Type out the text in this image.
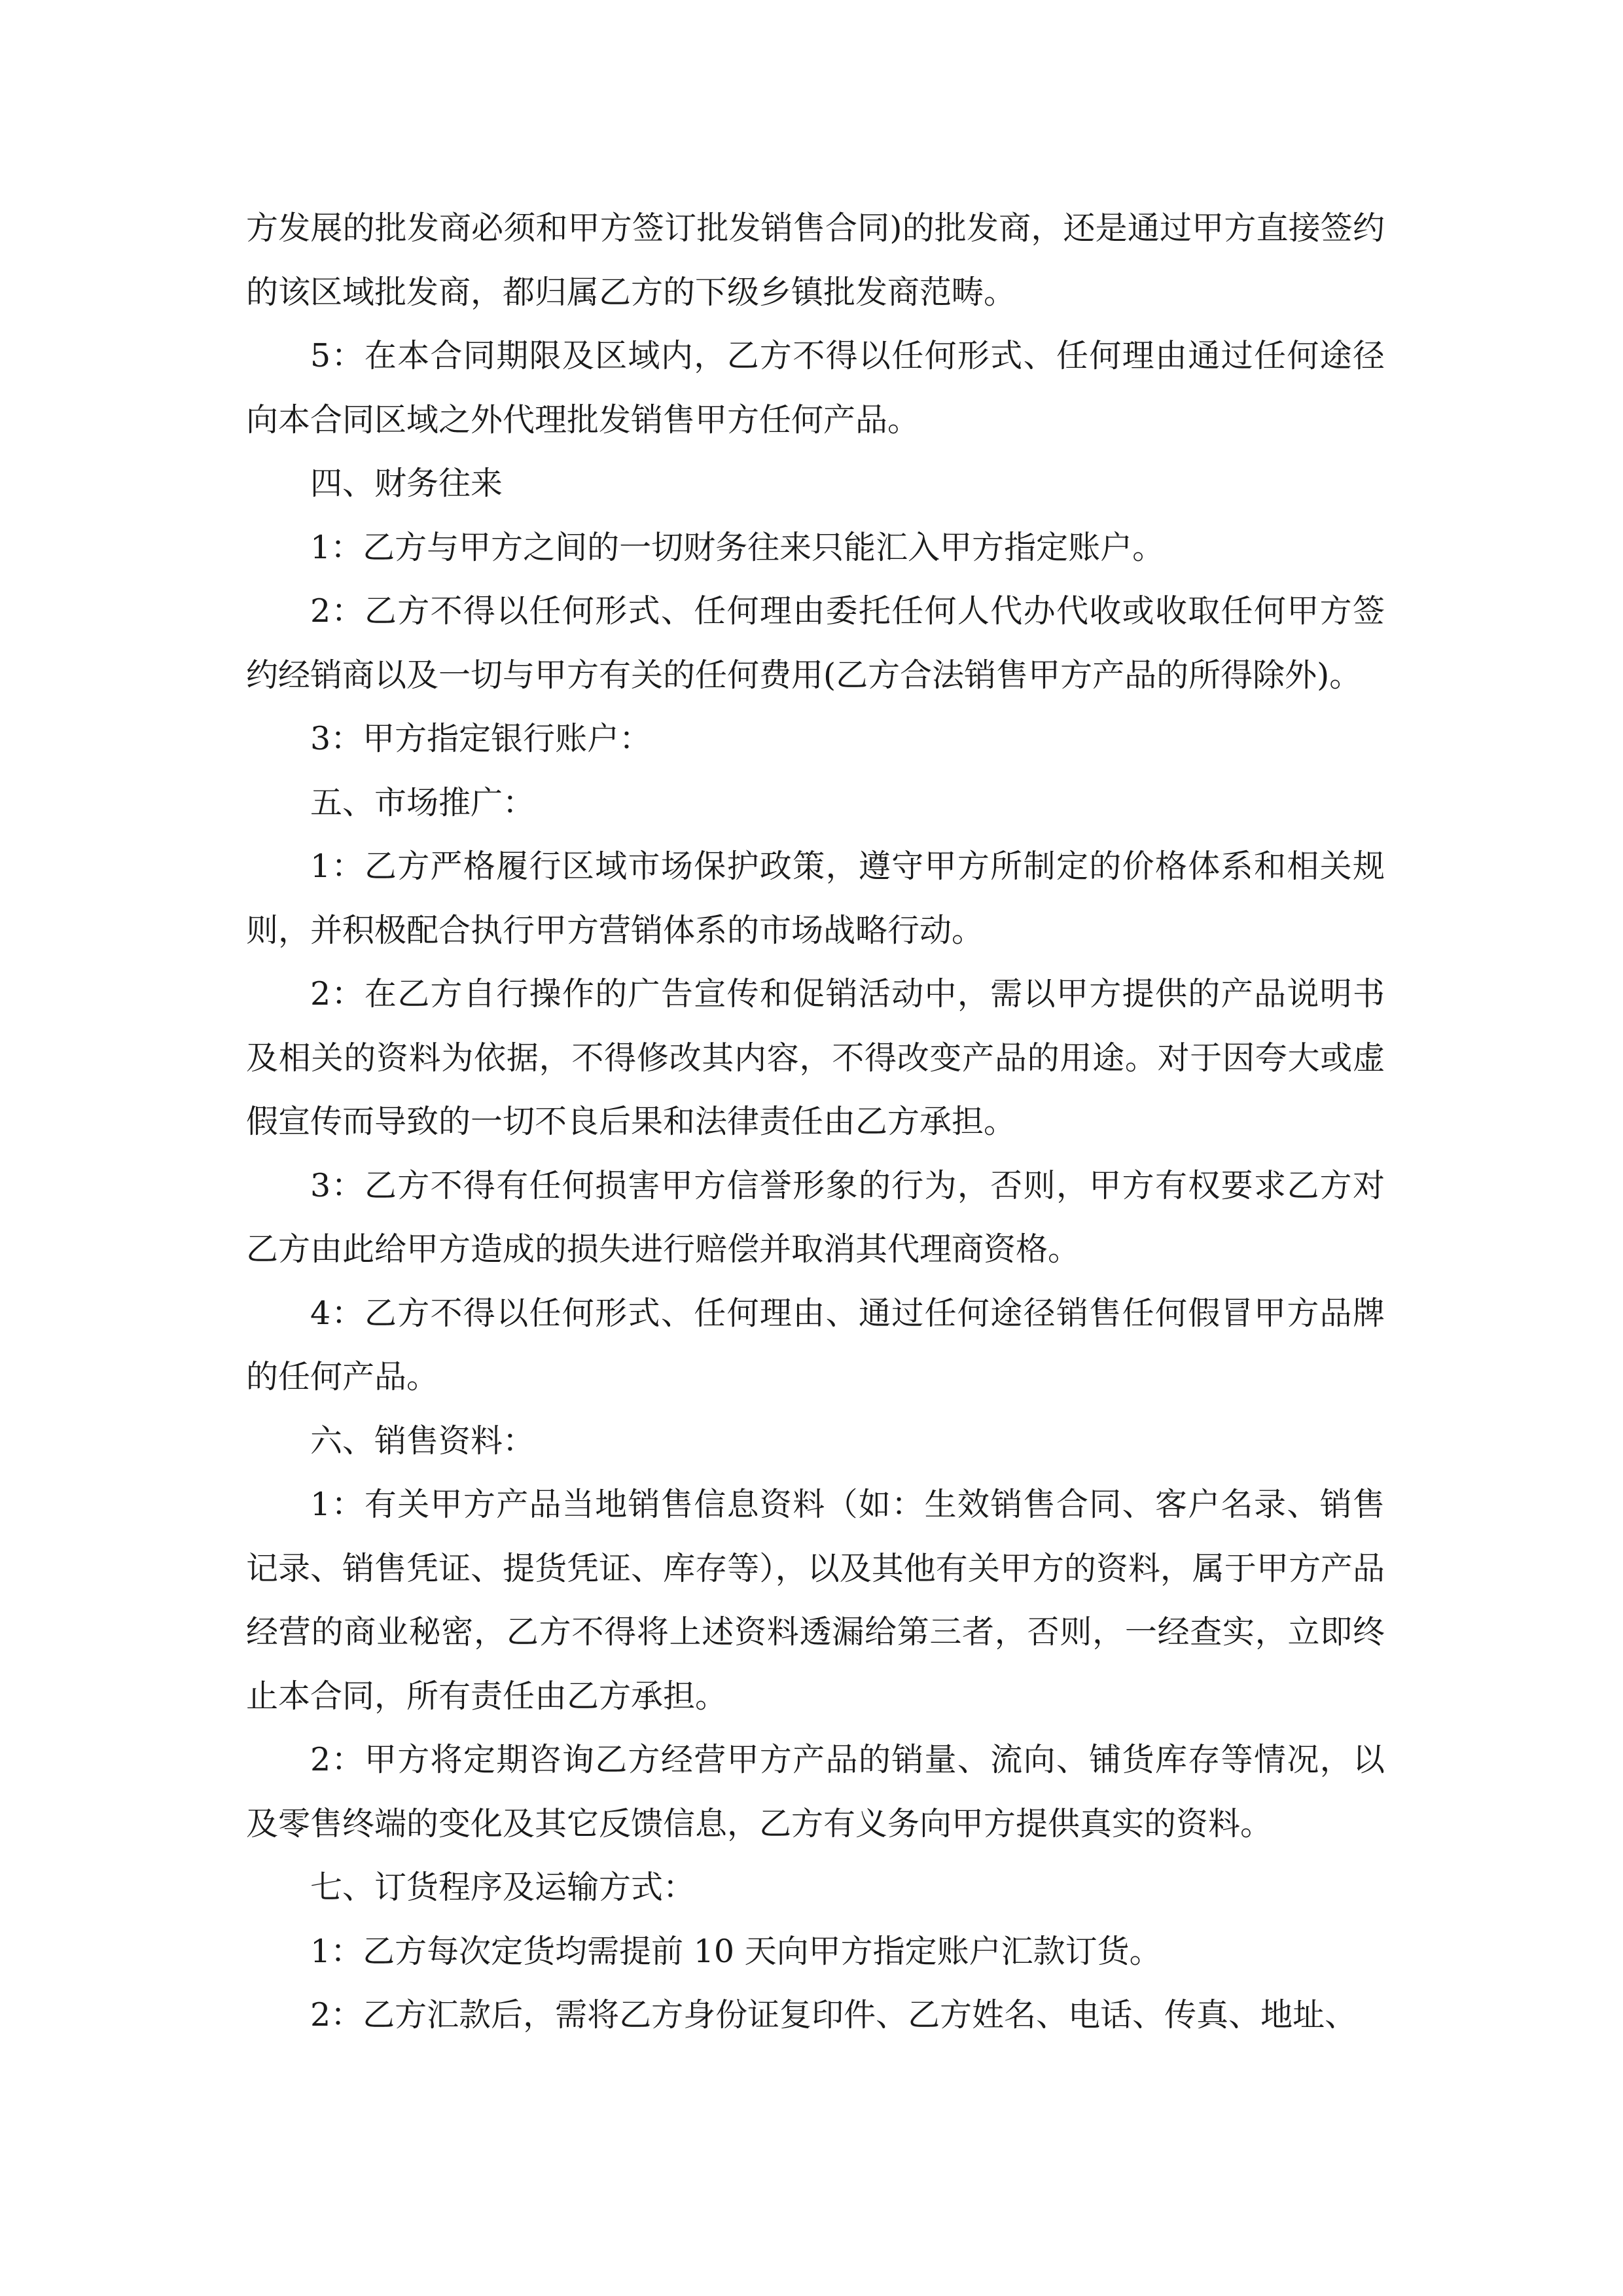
方发展的批发商必须和甲方签订批发销售合同)的批发商，还是通过甲方直接签约的该区域批发商，都归属乙方的下级乡镇批发商范畴。

5：在本合同期限及区域内，乙方不得以任何形式、任何理由通过任何途径向本合同区域之外代理批发销售甲方任何产品。

四、财务往来

1：乙方与甲方之间的一切财务往来只能汇入甲方指定账户。

2：乙方不得以任何形式、任何理由委托任何人代办代收或收取任何甲方签约经销商以及一切与甲方有关的任何费用(乙方合法销售甲方产品的所得除外)。

3：甲方指定银行账户：

五、市场推广：

1：乙方严格履行区域市场保护政策，遵守甲方所制定的价格体系和相关规则，并积极配合执行甲方营销体系的市场战略行动。

2：在乙方自行操作的广告宣传和促销活动中，需以甲方提供的产品说明书及相关的资料为依据，不得修改其内容，不得改变产品的用途。对于因夸大或虚假宣传而导致的一切不良后果和法律责任由乙方承担。

3：乙方不得有任何损害甲方信誉形象的行为，否则，甲方有权要求乙方对乙方由此给甲方造成的损失进行赔偿并取消其代理商资格。

4：乙方不得以任何形式、任何理由、通过任何途径销售任何假冒甲方品牌的任何产品。

六、销售资料：

1：有关甲方产品当地销售信息资料（如：生效销售合同、客户名录、销售记录、销售凭证、提货凭证、库存等），以及其他有关甲方的资料，属于甲方产品经营的商业秘密，乙方不得将上述资料透漏给第三者，否则，一经查实，立即终止本合同，所有责任由乙方承担。

2：甲方将定期咨询乙方经营甲方产品的销量、流向、铺货库存等情况，以及零售终端的变化及其它反馈信息，乙方有义务向甲方提供真实的资料。

七、订货程序及运输方式：

1：乙方每次定货均需提前 10 天向甲方指定账户汇款订货。

2：乙方汇款后，需将乙方身份证复印件、乙方姓名、电话、传真、地址、
